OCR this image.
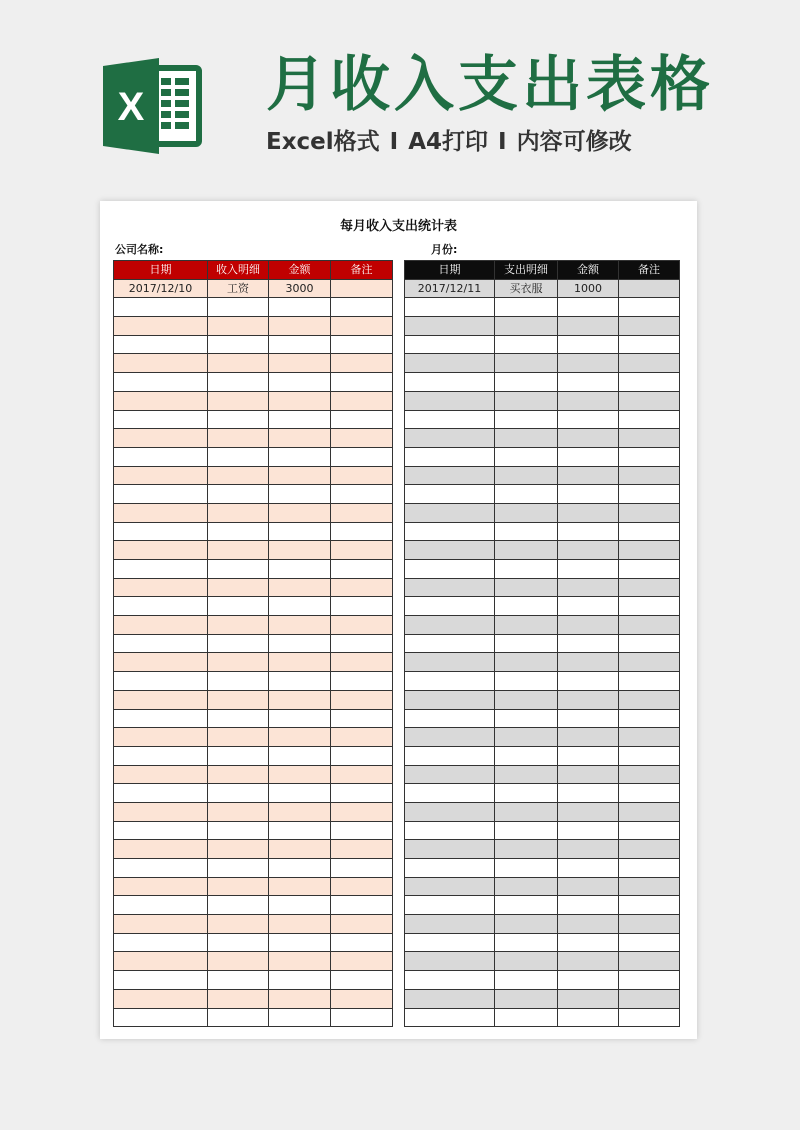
X 月收入支出表格
Excel格式 I A4打印 I 内容可修改
每月收入支出统计表
公司名称:	月份:
日期	收入明细	金额	备注
2017/12/10	工资	3000	

日期	支出明细	金额	备注
2017/12/11	买衣服	1000	
